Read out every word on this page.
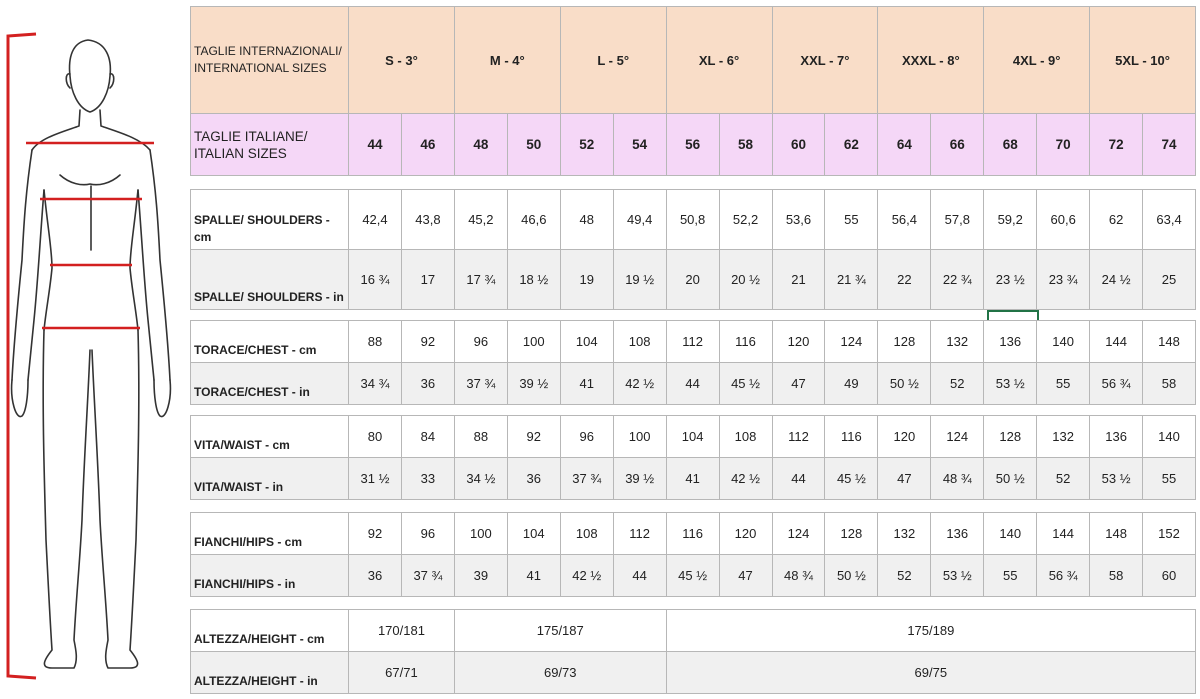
TAGLIE INTERNAZIONALI/ INTERNATIONAL SIZES	S - 3°		M - 4°		L - 5°		XL - 6°		XXL - 7°		XXXL - 8°		4XL - 9°		5XL - 10°	
TAGLIE ITALIANE/ ITALIAN SIZES	44	46	48	50	52	54	56	58	60	62	64	66	68	70	72	74

SPALLE/ SHOULDERS - cm	42,4	43,8	45,2	46,6	48	49,4	50,8	52,2	53,6	55	56,4	57,8	59,2	60,6	62	63,4
SPALLE/ SHOULDERS - in	16 ¾	17	17 ¾	18 ½	19	19 ½	20	20 ½	21	21 ¾	22	22 ¾	23 ½	23 ¾	24 ½	25

TORACE/CHEST - cm	88	92	96	100	104	108	112	116	120	124	128	132	136	140	144	148
TORACE/CHEST - in	34 ¾	36	37 ¾	39 ½	41	42 ½	44	45 ½	47	49	50 ½	52	53 ½	55	56 ¾	58

VITA/WAIST - cm	80	84	88	92	96	100	104	108	112	116	120	124	128	132	136	140
VITA/WAIST - in	31 ½	33	34 ½	36	37 ¾	39 ½	41	42 ½	44	45 ½	47	48 ¾	50 ½	52	53 ½	55

FIANCHI/HIPS - cm	92	96	100	104	108	112	116	120	124	128	132	136	140	144	148	152
FIANCHI/HIPS - in	36	37 ¾	39	41	42 ½	44	45 ½	47	48 ¾	50 ½	52	53 ½	55	56 ¾	58	60

ALTEZZA/HEIGHT - cm	170/181		175/187				175/189									
ALTEZZA/HEIGHT - in	67/71		69/73				69/75									
